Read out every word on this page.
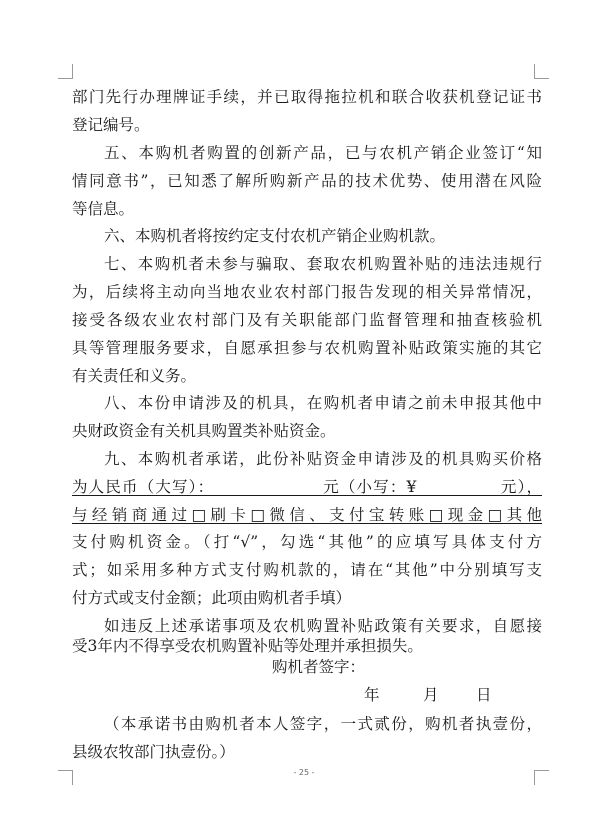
部门先行办理牌证手续，并已取得拖拉机和联合收获机登记证书

登记编号。

五、本购机者购置的创新产品，已与农机产销企业签订“知

情同意书”，已知悉了解所购新产品的技术优势、使用潜在风险

等信息。

六、本购机者将按约定支付农机产销企业购机款。

七、本购机者未参与骗取、套取农机购置补贴的违法违规行

为，后续将主动向当地农业农村部门报告发现的相关异常情况，

接受各级农业农村部门及有关职能部门监督管理和抽查核验机

具等管理服务要求，自愿承担参与农机购置补贴政策实施的其它

有关责任和义务。

八、本份申请涉及的机具，在购机者申请之前未申报其他中

央财政资金有关机具购置类补贴资金。

九、本购机者承诺，此份补贴资金申请涉及的机具购买价格

为人民币（大写）：　　　　　　　元（小写：¥　　　　　元），

与经销商通过□刷卡□微信、支付宝转账□现金□其他

支付购机资金。（打“√”，勾选“其他”的应填写具体支付方

式；如采用多种方式支付购机款的，请在“其他”中分别填写支

付方式或支付金额；此项由购机者手填）

如违反上述承诺事项及农机购置补贴政策有关要求，自愿接

受3年内不得享受农机购置补贴等处理并承担损失。

购机者签字：

年	月 日

（本承诺书由购机者本人签字，一式贰份，购机者执壹份，

县级农牧部门执壹份。）

- 25 -
